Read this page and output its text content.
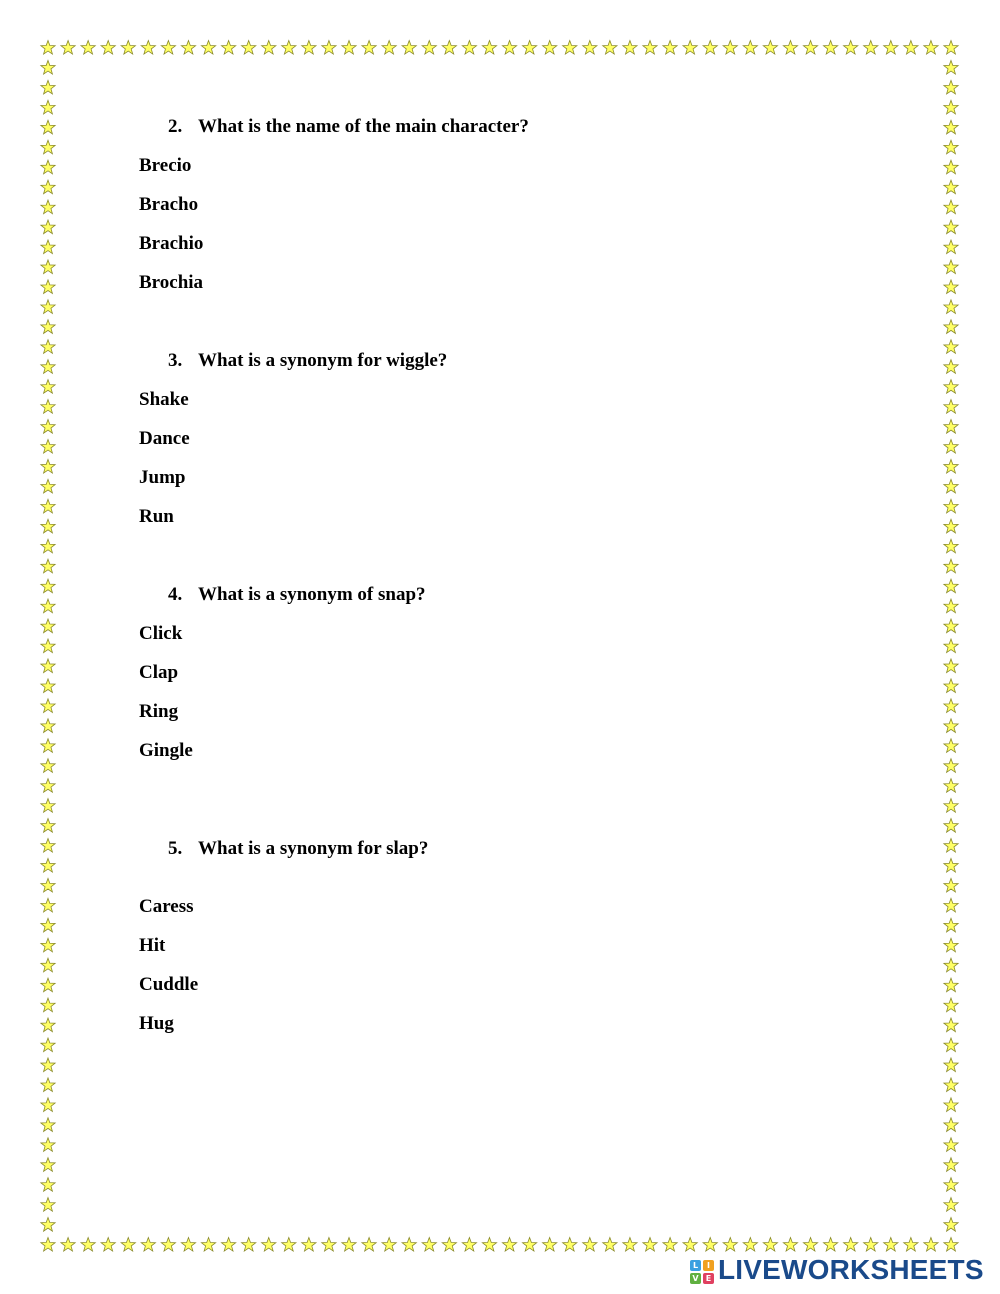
2. What is the name of the main character?
Brecio
Bracho
Brachio
Brochia
3. What is a synonym for wiggle?
Shake
Dance
Jump
Run
4. What is a synonym of snap?
Click
Clap
Ring
Gingle
5. What is a synonym for slap?
Caress
Hit
Cuddle
Hug
L	I
V E LIVEWORKSHEETS
